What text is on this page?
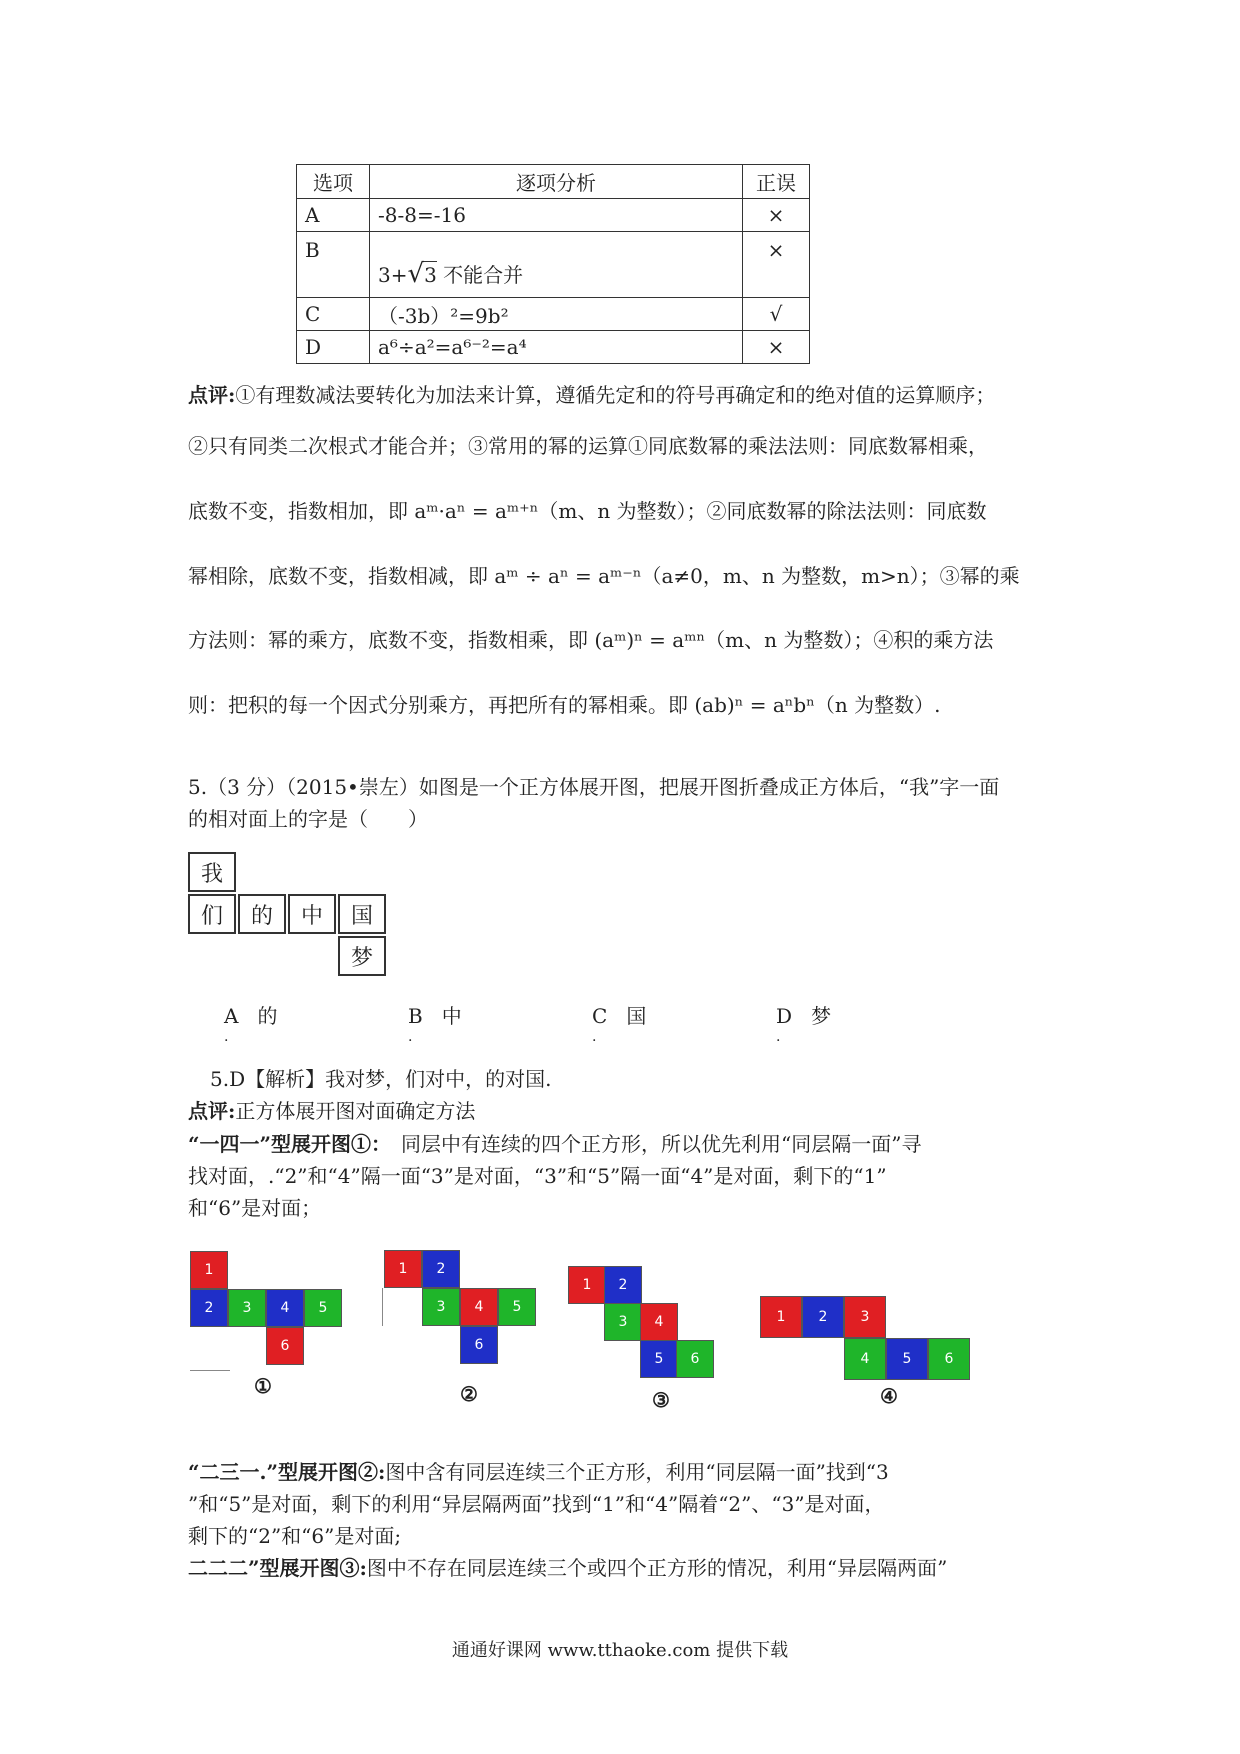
选项	逐项分析	正误
A	-8-8=-16	×
B	3+√3 不能合并	×
C	（-3b）²=9b²	√
D	a⁶÷a²=a⁶⁻²=a⁴	×
点评:①有理数减法要转化为加法来计算，遵循先定和的符号再确定和的绝对值的运算顺序；
②只有同类二次根式才能合并；③常用的幂的运算①同底数幂的乘法法则：同底数幂相乘，
底数不变，指数相加，即 aᵐ·aⁿ = aᵐ⁺ⁿ（m、n 为整数）；②同底数幂的除法法则：同底数
幂相除，底数不变，指数相减，即 aᵐ ÷ aⁿ = aᵐ⁻ⁿ（a≠0，m、n 为整数，m>n）；③幂的乘
方法则：幂的乘方，底数不变，指数相乘，即 (aᵐ)ⁿ = aᵐⁿ（m、n 为整数）；④积的乘方法
则：把积的每一个因式分别乘方，再把所有的幂相乘。即 (ab)ⁿ = aⁿbⁿ（n 为整数）.
5.（3 分）（2015•崇左）如图是一个正方体展开图，把展开图折叠成正方体后，“我”字一面
的相对面上的字是（　　）
我
们	的	中	国
梦
A 的
.
B 中
.
C 国
.
D 梦
.
5.D【解析】我对梦，们对中，的对国.
点评:正方体展开图对面确定方法
“一四一”型展开图①：　同层中有连续的四个正方形，所以优先利用“同层隔一面”寻
找对面，.“2”和“4”隔一面“3”是对面，“3”和“5”隔一面“4”是对面，剩下的“1”
和“6”是对面；
1
2	3	4	5
6
①
1	2
3	4	5
6
②
1	2
3	4
5	6
③
1	2	3
4	5	6
④
“二三一.”型展开图②:图中含有同层连续三个正方形，利用“同层隔一面”找到“3
”和“5”是对面，剩下的利用“异层隔两面”找到“1”和“4”隔着“2”、“3”是对面，
剩下的“2”和“6”是对面;
二二二”型展开图③:图中不存在同层连续三个或四个正方形的情况，利用“异层隔两面”
通通好课网 www.tthaoke.com 提供下载
